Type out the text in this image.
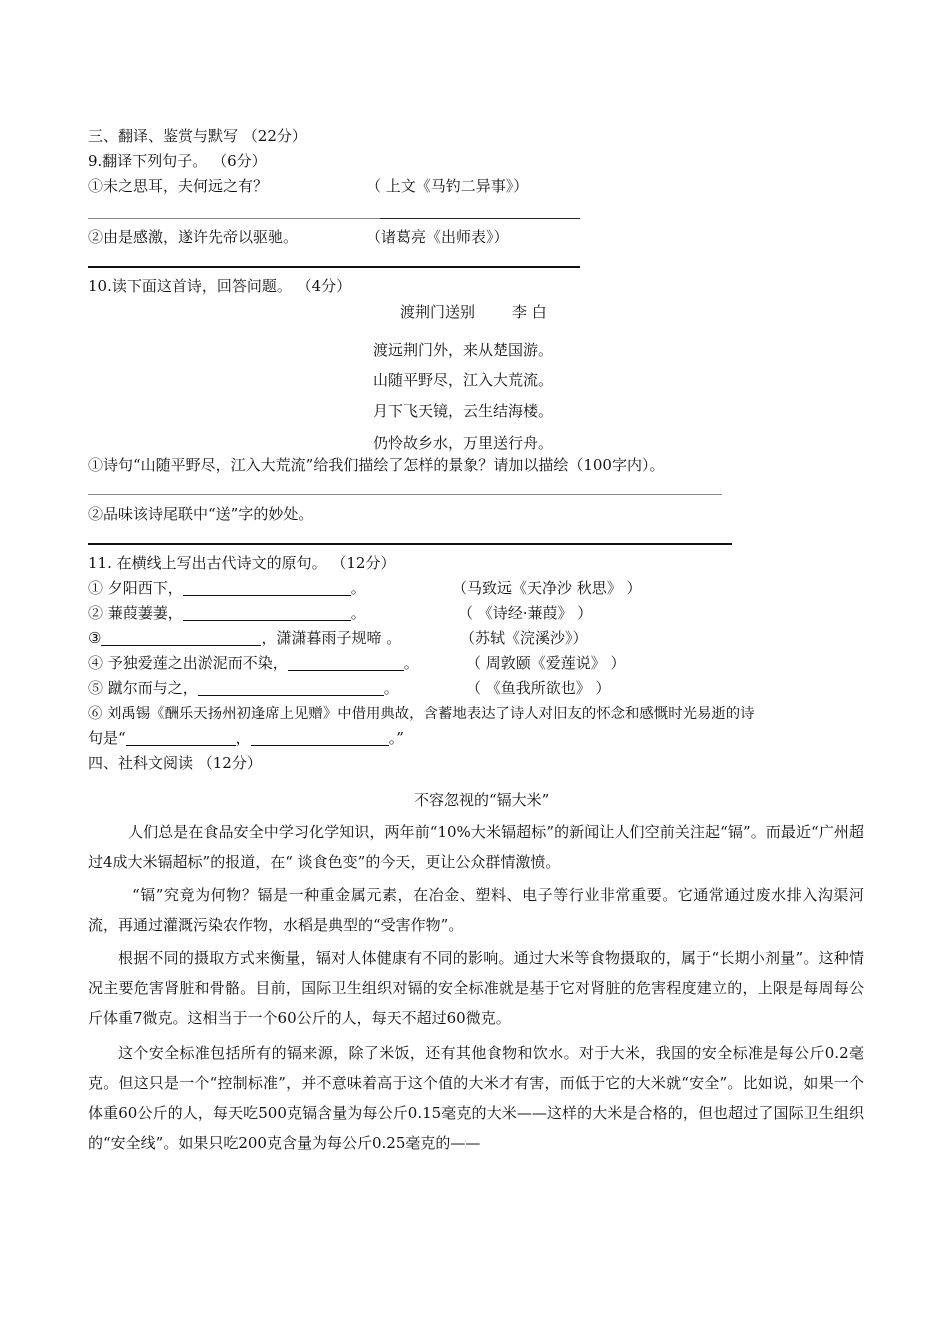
三、翻译、鉴赏与默写 （22分）
9.翻译下列句子。 （6分）
①未之思耳，夫何远之有？	（ 上文《马钓二异事》）
②由是感激，遂许先帝以驱驰。	（诸葛亮《出师表》）
10.读下面这首诗，回答问题。 （4分）
渡荆门送别 李 白
渡远荆门外，来从楚国游。
山随平野尽，江入大荒流。
月下飞天镜，云生结海楼。
仍怜故乡水，万里送行舟。
①诗句“山随平野尽，江入大荒流”给我们描绘了怎样的景象？请加以描绘（100字内）。
②品味该诗尾联中“送”字的妙处。
11. 在横线上写出古代诗文的原句。 （12分）
① 夕阳西下，	。	（马致远《天净沙 秋思》 ）
② 蒹葭萋萋，	。	（ 《诗经·蒹葭》 ）
③	，潇潇暮雨子规啼 。	（苏轼《浣溪沙》）
④ 予独爱莲之出淤泥而不染，	。	（ 周敦颐《爱莲说》 ）
⑤ 蹴尔而与之，	。	（ 《鱼我所欲也》 ）
⑥ 刘禹锡《酬乐天扬州初逢席上见赠》中借用典故，含蓄地表达了诗人对旧友的怀念和感慨时光易逝的诗
句是“	，	。”
四、社科文阅读 （12分）
不容忽视的“镉大米”
人们总是在食品安全中学习化学知识，两年前“10%大米镉超标”的新闻让人们空前关注起“镉”。而最近“广州超过4成大米镉超标”的报道，在“ 谈食色变”的今天，更让公众群情激愤。
“镉”究竟为何物？镉是一种重金属元素，在冶金、塑料、电子等行业非常重要。它通常通过废水排入沟渠河流，再通过灌溉污染农作物，水稻是典型的“受害作物”。
根据不同的摄取方式来衡量，镉对人体健康有不同的影响。通过大米等食物摄取的，属于“长期小剂量”。这种情况主要危害肾脏和骨骼。目前，国际卫生组织对镉的安全标准就是基于它对肾脏的危害程度建立的，上限是每周每公斤体重7微克。这相当于一个60公斤的人，每天不超过60微克。
这个安全标准包括所有的镉来源，除了米饭，还有其他食物和饮水。对于大米，我国的安全标准是每公斤0.2毫克。但这只是一个“控制标准”，并不意味着高于这个值的大米才有害，而低于它的大米就“安全”。比如说，如果一个体重60公斤的人，每天吃500克镉含量为每公斤0.15毫克的大米——这样的大米是合格的，但也超过了国际卫生组织的“安全线”。如果只吃200克含量为每公斤0.25毫克的——
